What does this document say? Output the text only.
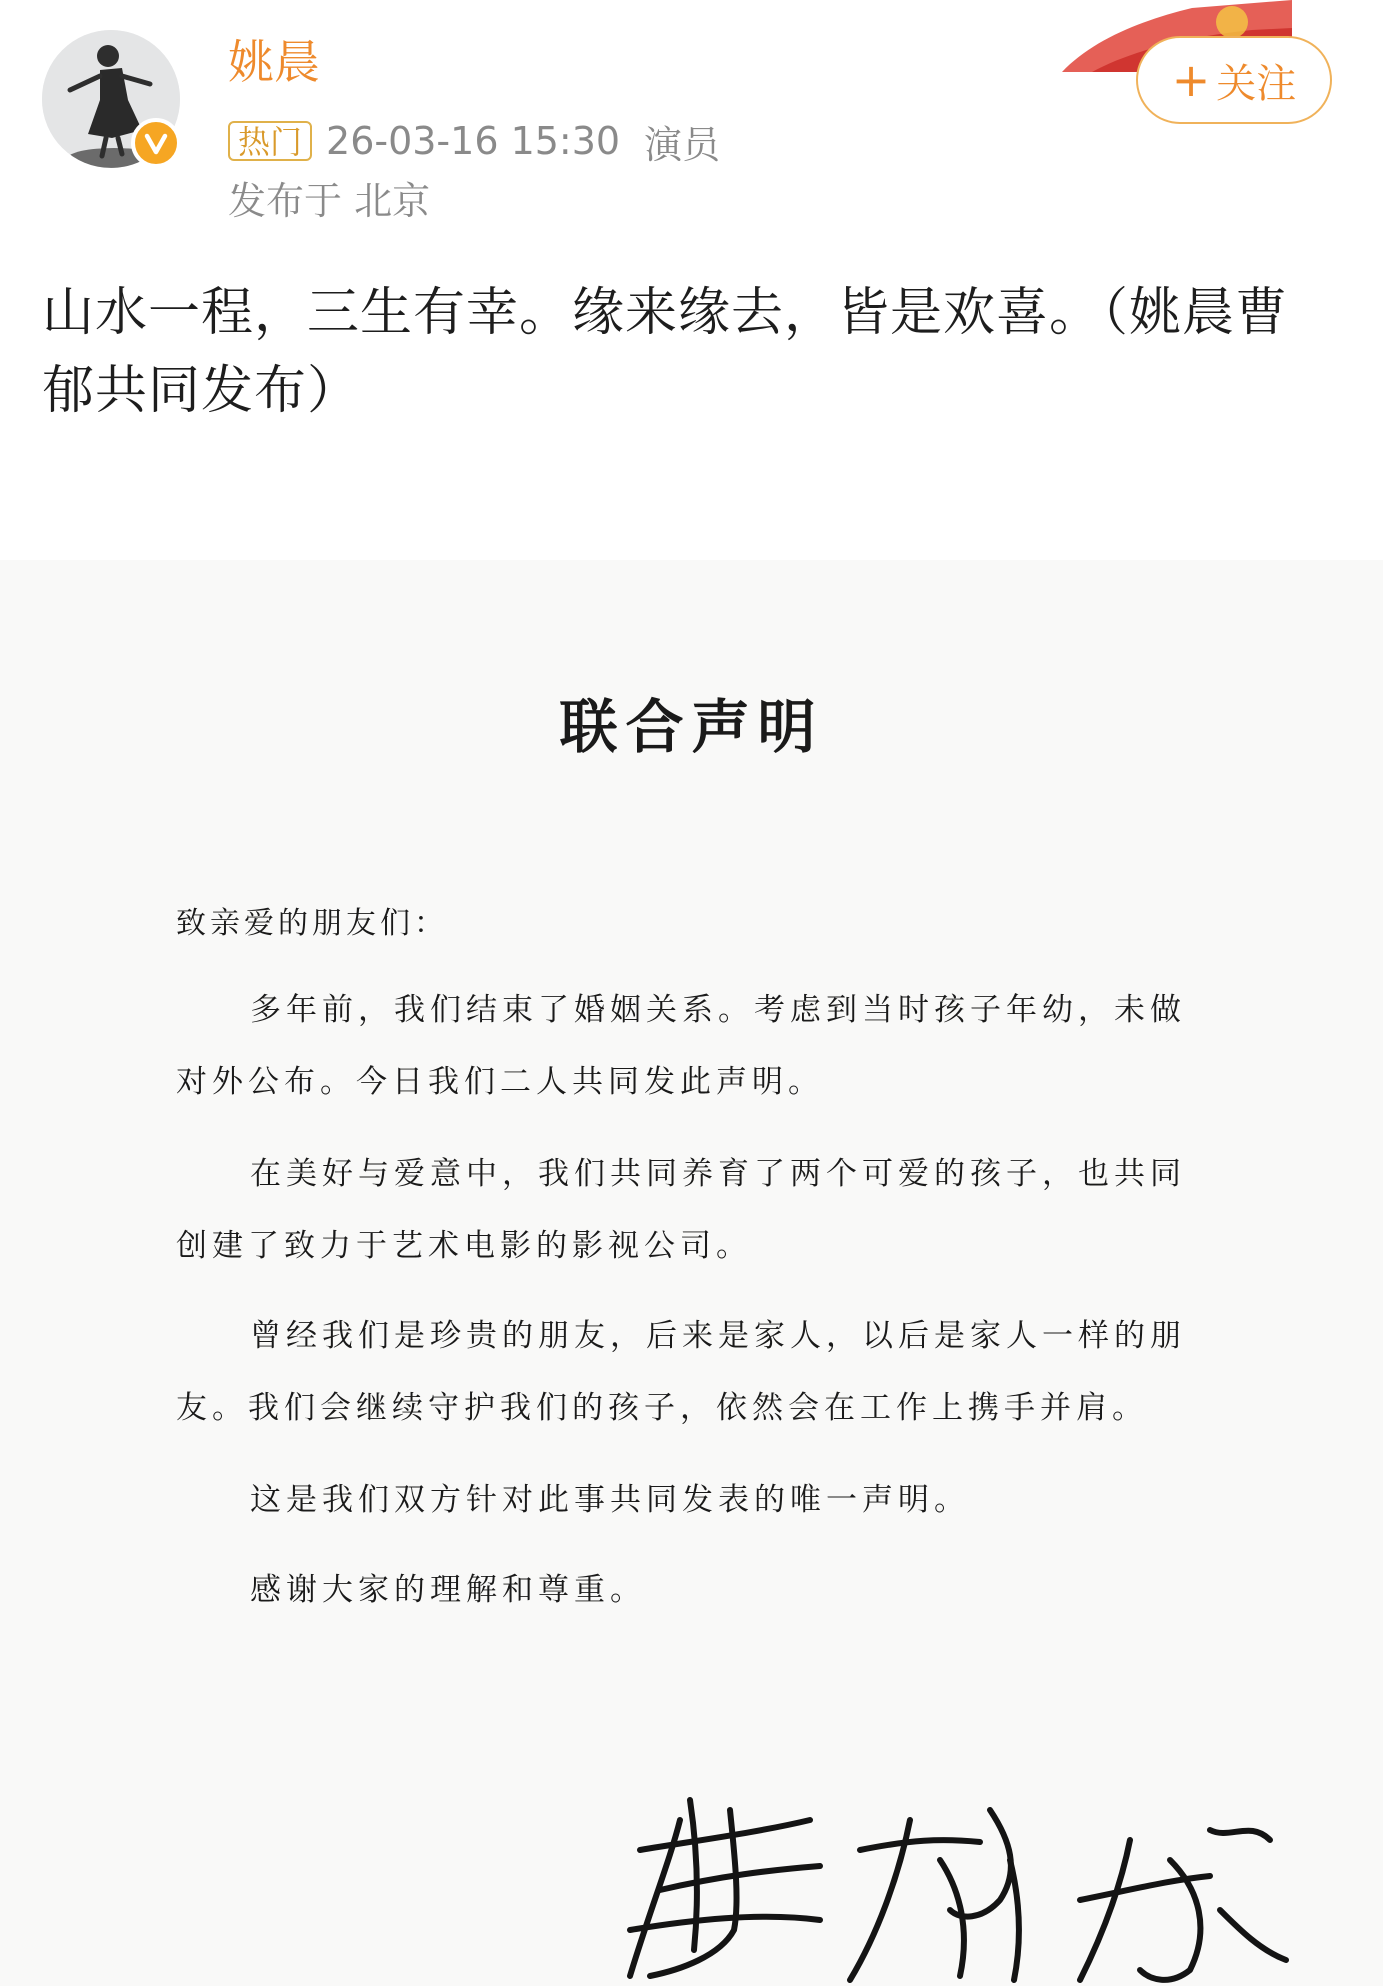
姚晨
热门 26-03-16 15:30 演员
发布于 北京
+ 关注
山水一程，三生有幸。缘来缘去，皆是欢喜。（姚晨曹郁共同发布）
联合声明
致亲爱的朋友们：
多年前，我们结束了婚姻关系。考虑到当时孩子年幼，未做对外公布。今日我们二人共同发此声明。
在美好与爱意中，我们共同养育了两个可爱的孩子，也共同创建了致力于艺术电影的影视公司。
曾经我们是珍贵的朋友，后来是家人，以后是家人一样的朋友。我们会继续守护我们的孩子，依然会在工作上携手并肩。
这是我们双方针对此事共同发表的唯一声明。
感谢大家的理解和尊重。
